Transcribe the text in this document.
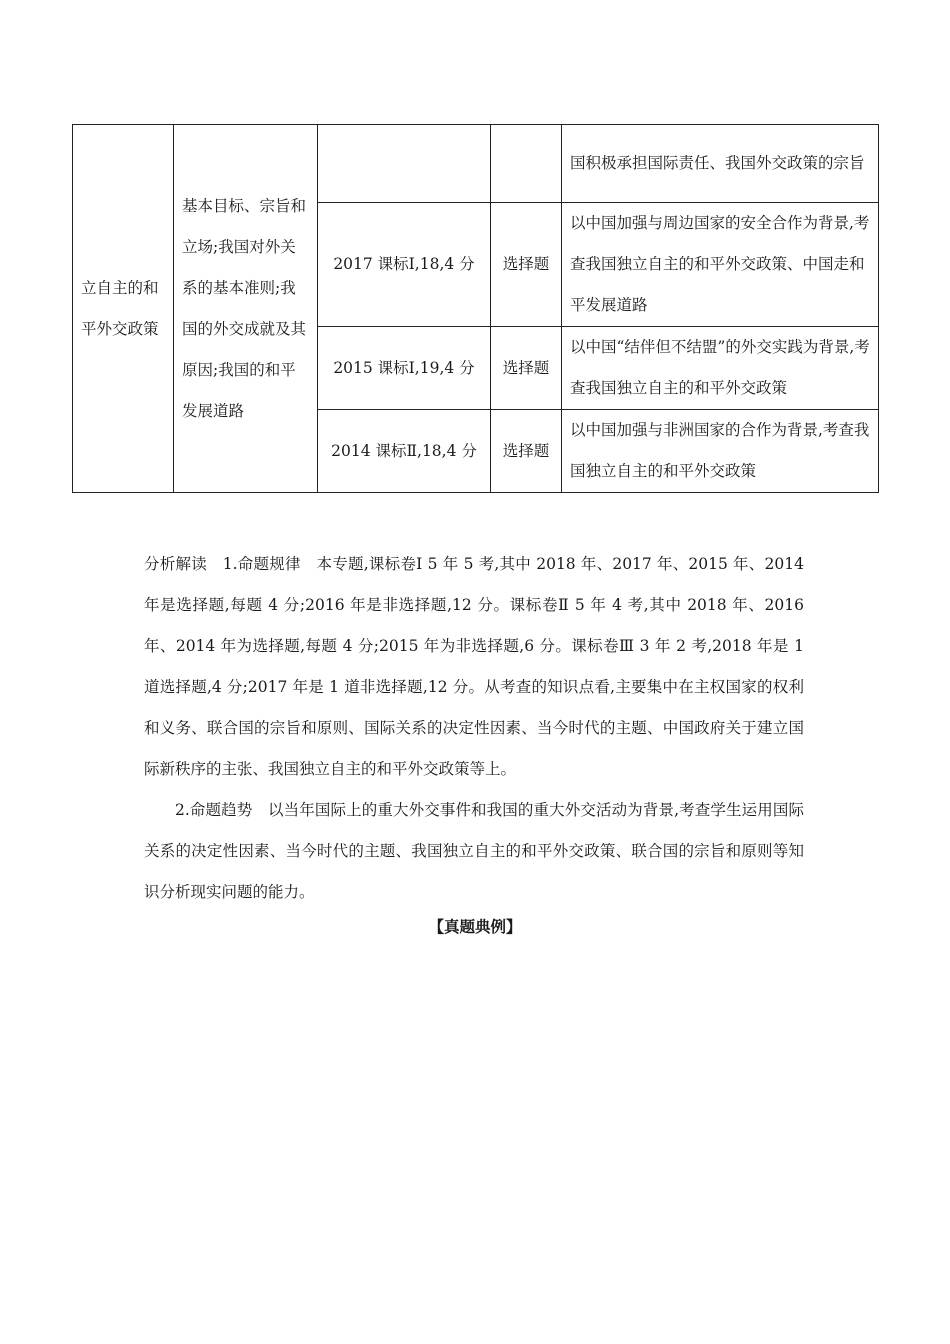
立自主的和平外交政策	基本目标、宗旨和立场;我国对外关系的基本准则;我国的外交成就及其原因;我国的和平发展道路			国积极承担国际责任、我国外交政策的宗旨
		2017 课标Ⅰ,18,4 分	选择题	以中国加强与周边国家的安全合作为背景,考查我国独立自主的和平外交政策、中国走和平发展道路
		2015 课标Ⅰ,19,4 分	选择题	以中国“结伴但不结盟”的外交实践为背景,考查我国独立自主的和平外交政策
		2014 课标Ⅱ,18,4 分	选择题	以中国加强与非洲国家的合作为背景,考查我国独立自主的和平外交政策

分析解读　1.命题规律　本专题,课标卷Ⅰ 5 年 5 考,其中 2018 年、2017 年、2015 年、2014 年是选择题,每题 4 分;2016 年是非选择题,12 分。课标卷Ⅱ 5 年 4 考,其中 2018 年、2016 年、2014 年为选择题,每题 4 分;2015 年为非选择题,6 分。课标卷Ⅲ 3 年 2 考,2018 年是 1 道选择题,4 分;2017 年是 1 道非选择题,12 分。从考查的知识点看,主要集中在主权国家的权利和义务、联合国的宗旨和原则、国际关系的决定性因素、当今时代的主题、中国政府关于建立国际新秩序的主张、我国独立自主的和平外交政策等上。

2.命题趋势　以当年国际上的重大外交事件和我国的重大外交活动为背景,考查学生运用国际关系的决定性因素、当今时代的主题、我国独立自主的和平外交政策、联合国的宗旨和原则等知识分析现实问题的能力。

【真题典例】
